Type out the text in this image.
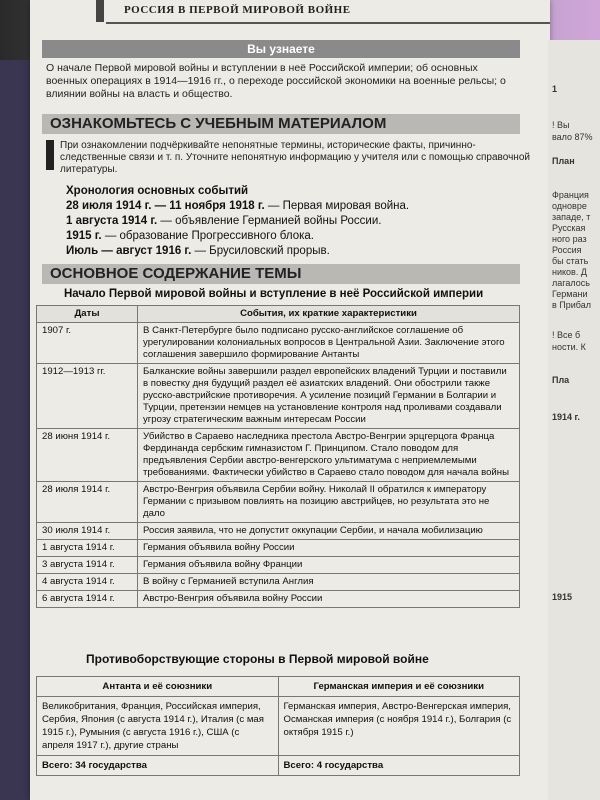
РОССИЯ В ПЕРВОЙ МИРОВОЙ ВОЙНЕ
Вы узнаете
О начале Первой мировой войны и вступлении в неё Российской империи; об основных военных операциях в 1914—1916 гг., о переходе российской экономики на военные рельсы; о влиянии войны на власть и общество.
ОЗНАКОМЬТЕСЬ С УЧЕБНЫМ МАТЕРИАЛОМ
При ознакомлении подчёркивайте непонятные термины, исторические факты, причинно-следственные связи и т. п. Уточните непонятную информацию у учителя или с помощью справочной литературы.
Хронология основных событий
28 июля 1914 г. — 11 ноября 1918 г. — Первая мировая война.
1 августа 1914 г. — объявление Германией войны России.
1915 г. — образование Прогрессивного блока.
Июль — август 1916 г. — Брусиловский прорыв.
ОСНОВНОЕ СОДЕРЖАНИЕ ТЕМЫ
Начало Первой мировой войны и вступление в неё Российской империи
Даты	События, их краткие характеристики
1907 г.	В Санкт-Петербурге было подписано русско-английское соглашение об урегулировании колониальных вопросов в Центральной Азии. Заключение этого соглашения завершило формирование Антанты
1912—1913 гг.	Балканские войны завершили раздел европейских владений Турции и поставили в повестку дня будущий раздел её азиатских владений. Они обострили также русско-австрийские противоречия. А усиление позиций Германии в Болгарии и Турции, претензии немцев на установление контроля над проливами создавали угрозу стратегическим важным интересам России
28 июня 1914 г.	Убийство в Сараево наследника престола Австро-Венгрии эрцгерцога Франца Фердинанда сербским гимназистом Г. Принципом. Стало поводом для предъявления Сербии австро-венгерского ультиматума с неприемлемыми требованиями. Фактически убийство в Сараево стало поводом для начала войны
28 июля 1914 г.	Австро-Венгрия объявила Сербии войну. Николай II обратился к императору Германии с призывом повлиять на позицию австрийцев, но результата это не дало
30 июля 1914 г.	Россия заявила, что не допустит оккупации Сербии, и начала мобилизацию
1 августа 1914 г.	Германия объявила войну России
3 августа 1914 г.	Германия объявила войну Франции
4 августа 1914 г.	В войну с Германией вступила Англия
6 августа 1914 г.	Австро-Венгрия объявила войну России
Противоборствующие стороны в Первой мировой войне
Антанта и её союзники	Германская империя и её союзники
Великобритания, Франция, Российская империя, Сербия, Япония (с августа 1914 г.), Италия (с мая 1915 г.), Румыния (с августа 1916 г.), США (с апреля 1917 г.), другие страны	Германская империя, Австро-Венгерская империя, Османская империя (с ноября 1914 г.), Болгария (с октября 1915 г.)
Всего: 34 государства	Всего: 4 государства
1
! Вы
вало 87%
План
Франция
одновре
западе, т
Русская
ного раз
Россия
бы стать
ников. Д
лагалось
Германи
в Прибал
! Все б
ности. К
Пла
1914 г.
1915
